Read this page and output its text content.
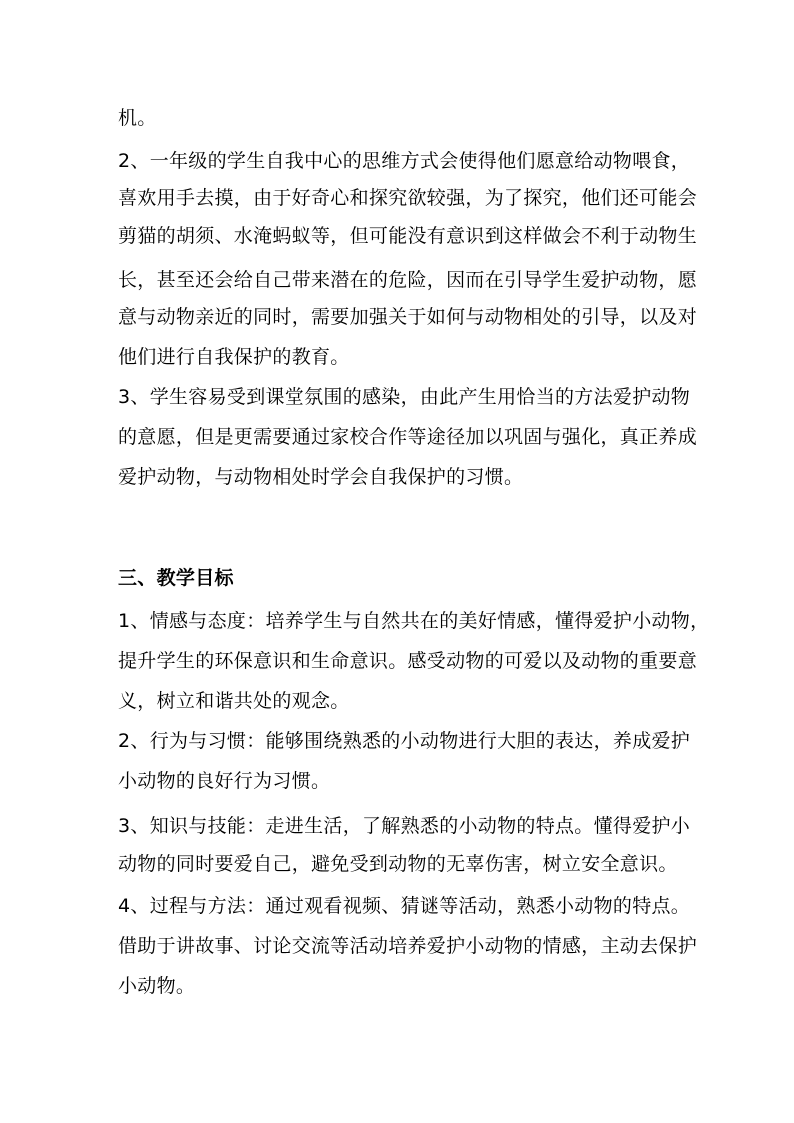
机。
2、一年级的学生自我中心的思维方式会使得他们愿意给动物喂食，
喜欢用手去摸，由于好奇心和探究欲较强，为了探究，他们还可能会
剪猫的胡须、水淹蚂蚁等，但可能没有意识到这样做会不利于动物生
长，甚至还会给自己带来潜在的危险，因而在引导学生爱护动物，愿
意与动物亲近的同时，需要加强关于如何与动物相处的引导，以及对
他们进行自我保护的教育。
3、学生容易受到课堂氛围的感染，由此产生用恰当的方法爱护动物
的意愿，但是更需要通过家校合作等途径加以巩固与强化，真正养成
爱护动物，与动物相处时学会自我保护的习惯。
三、教学目标
1、情感与态度：培养学生与自然共在的美好情感，懂得爱护小动物，
提升学生的环保意识和生命意识。感受动物的可爱以及动物的重要意
义，树立和谐共处的观念。
2、行为与习惯：能够围绕熟悉的小动物进行大胆的表达，养成爱护
小动物的良好行为习惯。
3、知识与技能：走进生活，了解熟悉的小动物的特点。懂得爱护小
动物的同时要爱自己，避免受到动物的无辜伤害，树立安全意识。
4、过程与方法：通过观看视频、猜谜等活动，熟悉小动物的特点。
借助于讲故事、讨论交流等活动培养爱护小动物的情感，主动去保护
小动物。
